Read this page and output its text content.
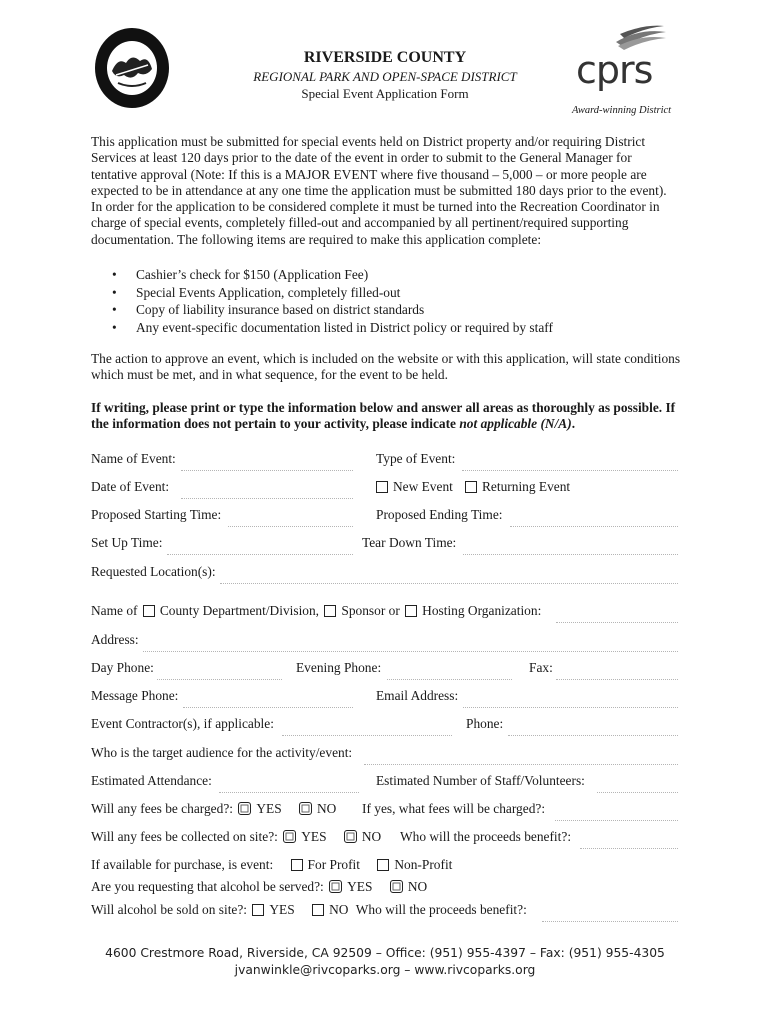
RIVERSIDE COUNTY
REGIONAL PARK AND OPEN-SPACE DISTRICT
Special Event Application Form
cprs
Award-winning District
This application must be submitted for special events held on District property and/or requiring District Services at least 120 days prior to the date of the event in order to submit to the General Manager for tentative approval (Note: If this is a MAJOR EVENT where five thousand – 5,000 – or more people are expected to be in attendance at any one time the application must be submitted 180 days prior to the event). In order for the application to be considered complete it must be turned into the Recreation Coordinator in charge of special events, completely filled-out and accompanied by all pertinent/required supporting documentation. The following items are required to make this application complete:
• Cashier’s check for $150 (Application Fee)
• Special Events Application, completely filled-out
• Copy of liability insurance based on district standards
• Any event-specific documentation listed in District policy or required by staff
The action to approve an event, which is included on the website or with this application, will state conditions which must be met, and in what sequence, for the event to be held.
If writing, please print or type the information below and answer all areas as thoroughly as possible. If the information does not pertain to your activity, please indicate not applicable (N/A).
Name of Event:	Type of Event:
Date of Event:	New Event	Returning Event
Proposed Starting Time:	Proposed Ending Time:
Set Up Time:	Tear Down Time:
Requested Location(s):
Name of County Department/Division, Sponsor or Hosting Organization:
Address:
Day Phone:	Evening Phone:	Fax:
Message Phone:	Email Address:
Event Contractor(s), if applicable:	Phone:
Who is the target audience for the activity/event:
Estimated Attendance:	Estimated Number of Staff/Volunteers:
Will any fees be charged?: YES	NO If yes, what fees will be charged?:
Will any fees be collected on site?: YES	NO Who will the proceeds benefit?:
If available for purchase, is event:	For Profit	Non-Profit
Are you requesting that alcohol be served?: YES	NO
Will alcohol be sold on site?: YES	NO Who will the proceeds benefit?:
4600 Crestmore Road, Riverside, CA 92509 – Office: (951) 955-4397 – Fax: (951) 955-4305
jvanwinkle@rivcoparks.org – www.rivcoparks.org
